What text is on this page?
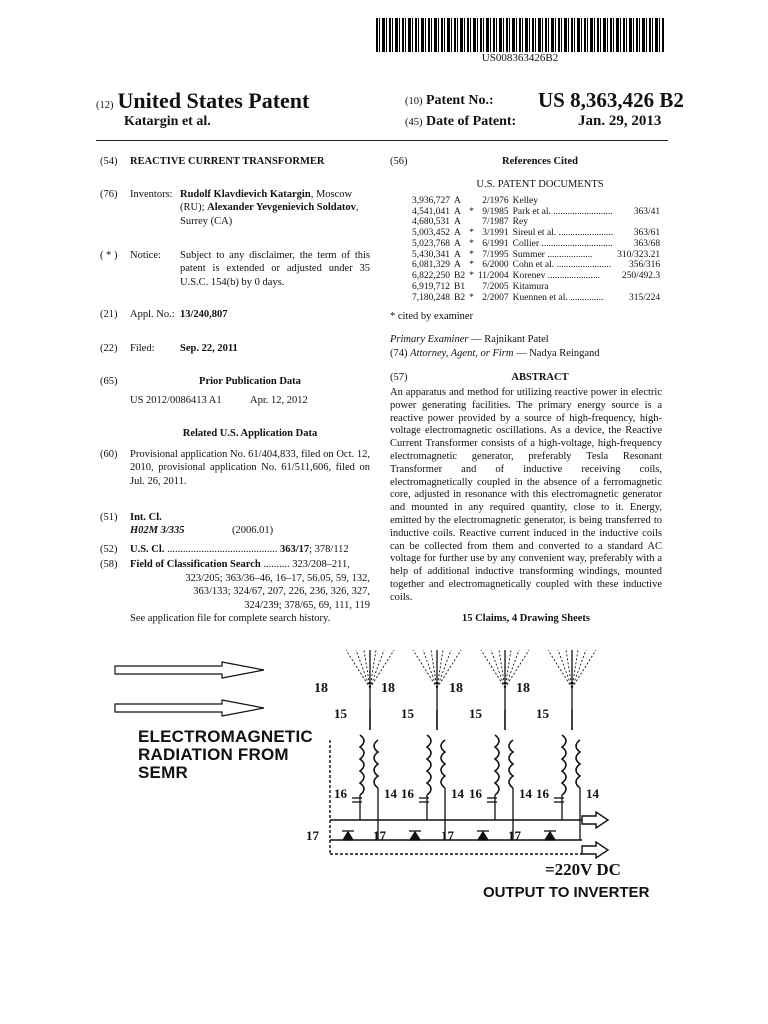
US008363426B2
(12) United States Patent
Katargin et al.
(10) Patent No.: US 8,363,426 B2
(45) Date of Patent:	Jan. 29, 2013
(54) REACTIVE CURRENT TRANSFORMER
(76) Inventors: Rudolf Klavdievich Katargin, Moscow (RU); Alexander Yevgenievich Soldatov, Surrey (CA)
( * ) Notice: Subject to any disclaimer, the term of this patent is extended or adjusted under 35 U.S.C. 154(b) by 0 days.
(21) Appl. No.: 13/240,807
(22) Filed: Sep. 22, 2011
(65)	Prior Publication Data
US 2012/0086413 A1	Apr. 12, 2012
Related U.S. Application Data
(60) Provisional application No. 61/404,833, filed on Oct. 12, 2010, provisional application No. 61/511,606, filed on Jul. 26, 2011.
(51) Int. Cl.
H02M 3/335	(2006.01)
(52) U.S. Cl. .......................................... 363/17; 378/112
(58) Field of Classification Search .......... 323/208–211,
323/205; 363/36–46, 16–17, 56.05, 59, 132,
363/133; 324/67, 207, 226, 236, 326, 327,
324/239; 378/65, 69, 111, 119
See application file for complete search history.
(56)	References Cited
U.S. PATENT DOCUMENTS
3,936,727	A		2/1976	Kelley	
4,541,041	A	*	9/1985	Park et al. .........................	363/41
4,680,531	A		7/1987	Rey	
5,003,452	A	*	3/1991	Sireul et al. .......................	363/61
5,023,768	A	*	6/1991	Collier ..............................	363/68
5,430,341	A	*	7/1995	Summer ...................	310/323.21
6,081,329	A	*	6/2000	Cohn et al. .......................	356/316
6,822,250	B2	*	11/2004	Korenev ......................	250/492.3
6,919,712	B1		7/2005	Kitamura	
7,180,248	B2	*	2/2007	Kuennen et al. ..............	315/224
* cited by examiner
Primary Examiner — Rajnikant Patel
(74) Attorney, Agent, or Firm — Nadya Reingand
(57)	ABSTRACT
An apparatus and method for utilizing reactive power in electric power generating facilities. The primary energy source is a reactive power provided by a source of high-frequency, high-voltage electromagnetic oscillations. As a device, the Reactive Current Transformer consists of a high-voltage, high-frequency electromagnetic generator, preferably Tesla Resonant Transformer and of inductive receiving coils, electromagnetically coupled in the absence of a ferromagnetic core, adjusted in resonance with this electromagnetic generator and mounted in any required quantity, close to it. Energy, emitted by the electromagnetic generator, is being transferred to inductive coils. Reactive current induced in the inductive coils can be collected from them and converted to a standard AC voltage for further use by any convenient way, preferably with a help of additional inductive transforming windings, mounted together and electromagnetically coupled with these inductive coils.
15 Claims, 4 Drawing Sheets
18
15
16	14
17
18
15
16	14
17
18
15
16	14
17
18
15
16	14
17
ELECTROMAGNETIC
RADIATION FROM
SEMR
=220V DC
OUTPUT TO INVERTER
